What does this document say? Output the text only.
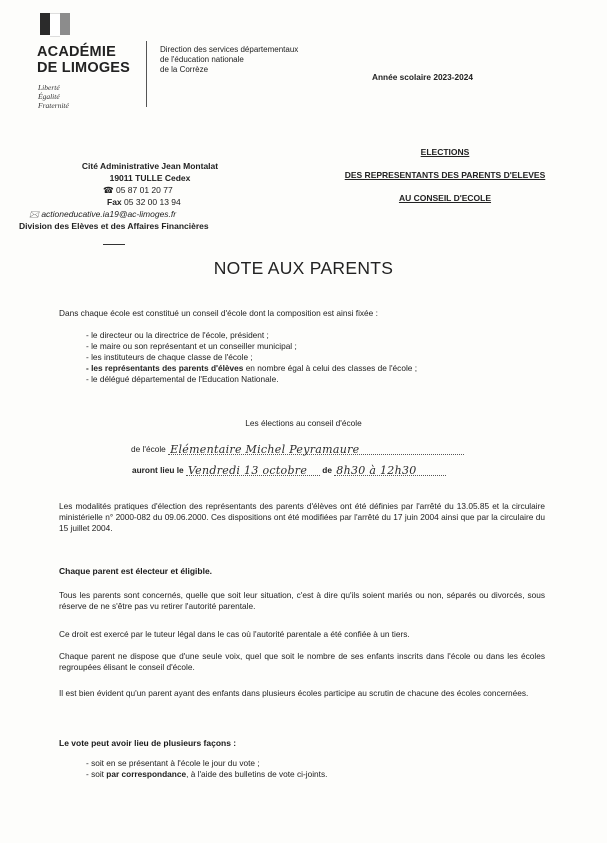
ACADÉMIE
DE LIMOGES
Liberté
Égalité
Fraternité
Direction des services départementaux
de l'éducation nationale
de la Corrèze
Année scolaire 2023-2024
Cité Administrative Jean Montalat
19011 TULLE Cedex
☎ 05 87 01 20 77
Fax 05 32 00 13 94
🖂 actioneducative.ia19@ac-limoges.fr
Division des Elèves et des Affaires Financières
ELECTIONS
DES REPRESENTANTS DES PARENTS D'ELEVES
AU CONSEIL D'ECOLE
NOTE AUX PARENTS
Dans chaque école est constitué un conseil d'école dont la composition est ainsi fixée :
- le directeur ou la directrice de l'école, président ;
- le maire ou son représentant et un conseiller municipal ;
- les instituteurs de chaque classe de l'école ;
- les représentants des parents d'élèves en nombre égal à celui des classes de l'école ;
- le délégué départemental de l'Education Nationale.
Les élections au conseil d'école
de l'école Elémentaire Michel Peyramaure
auront lieu le Vendredi 13 octobre de 8h30 à 12h30
Les modalités pratiques d'élection des représentants des parents d'élèves ont été définies par l'arrêté du 13.05.85 et la circulaire ministérielle n° 2000-082 du 09.06.2000. Ces dispositions ont été modifiées par l'arrêté du 17 juin 2004 ainsi que par la circulaire du 15 juillet 2004.
Chaque parent est électeur et éligible.
Tous les parents sont concernés, quelle que soit leur situation, c'est à dire qu'ils soient mariés ou non, séparés ou divorcés, sous réserve de ne s'être pas vu retirer l'autorité parentale.
Ce droit est exercé par le tuteur légal dans le cas où l'autorité parentale a été confiée à un tiers.
Chaque parent ne dispose que d'une seule voix, quel que soit le nombre de ses enfants inscrits dans l'école ou dans les écoles regroupées élisant le conseil d'école.
Il est bien évident qu'un parent ayant des enfants dans plusieurs écoles participe au scrutin de chacune des écoles concernées.
Le vote peut avoir lieu de plusieurs façons :
- soit en se présentant à l'école le jour du vote ;
- soit par correspondance, à l'aide des bulletins de vote ci-joints.
